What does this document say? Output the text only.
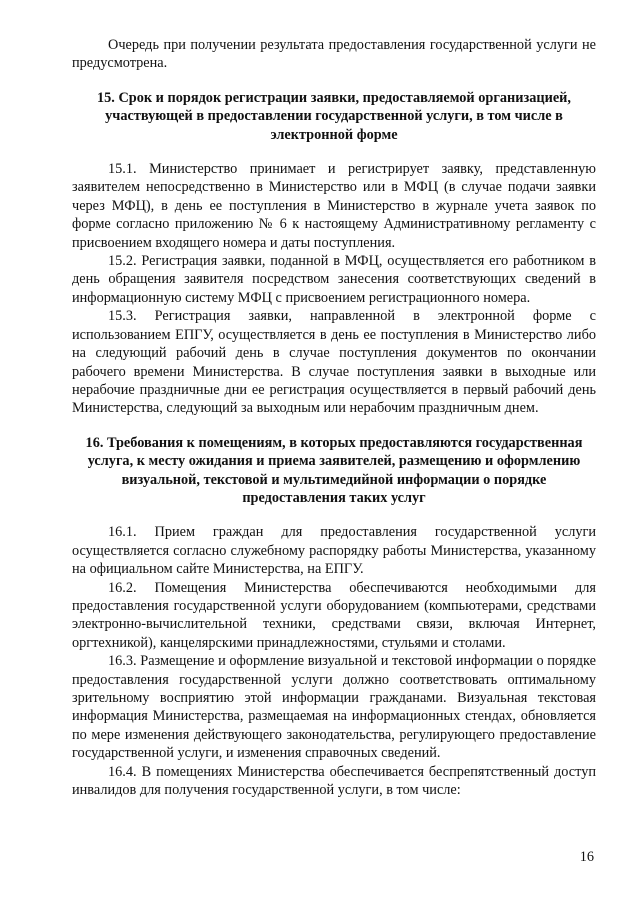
Очередь при получении результата предоставления государственной услуги не предусмотрена.

15. Срок и порядок регистрации заявки, предоставляемой организацией, участвующей в предоставлении государственной услуги, в том числе в электронной форме

15.1. Министерство принимает и регистрирует заявку, представленную заявителем непосредственно в Министерство или в МФЦ (в случае подачи заявки через МФЦ), в день ее поступления в Министерство в журнале учета заявок по форме согласно приложению № 6 к настоящему Административному регламенту с присвоением входящего номера и даты поступления.

15.2. Регистрация заявки, поданной в МФЦ, осуществляется его работником в день обращения заявителя посредством занесения соответствующих сведений в информационную систему МФЦ с присвоением регистрационного номера.

15.3. Регистрация заявки, направленной в электронной форме с использованием ЕПГУ, осуществляется в день ее поступления в Министерство либо на следующий рабочий день в случае поступления документов по окончании рабочего времени Министерства. В случае поступления заявки в выходные или нерабочие праздничные дни ее регистрация осуществляется в первый рабочий день Министерства, следующий за выходным или нерабочим праздничным днем.

16. Требования к помещениям, в которых предоставляются государственная услуга, к месту ожидания и приема заявителей, размещению и оформлению визуальной, текстовой и мультимедийной информации о порядке предоставления таких услуг

16.1. Прием граждан для предоставления государственной услуги осуществляется согласно служебному распорядку работы Министерства, указанному на официальном сайте Министерства, на ЕПГУ.

16.2. Помещения Министерства обеспечиваются необходимыми для предоставления государственной услуги оборудованием (компьютерами, средствами электронно-вычислительной техники, средствами связи, включая Интернет, оргтехникой), канцелярскими принадлежностями, стульями и столами.

16.3. Размещение и оформление визуальной и текстовой информации о порядке предоставления государственной услуги должно соответствовать оптимальному зрительному восприятию этой информации гражданами. Визуальная текстовая информация Министерства, размещаемая на информационных стендах, обновляется по мере изменения действующего законодательства, регулирующего предоставление государственной услуги, и изменения справочных сведений.

16.4. В помещениях Министерства обеспечивается беспрепятственный доступ инвалидов для получения государственной услуги, в том числе:

16
